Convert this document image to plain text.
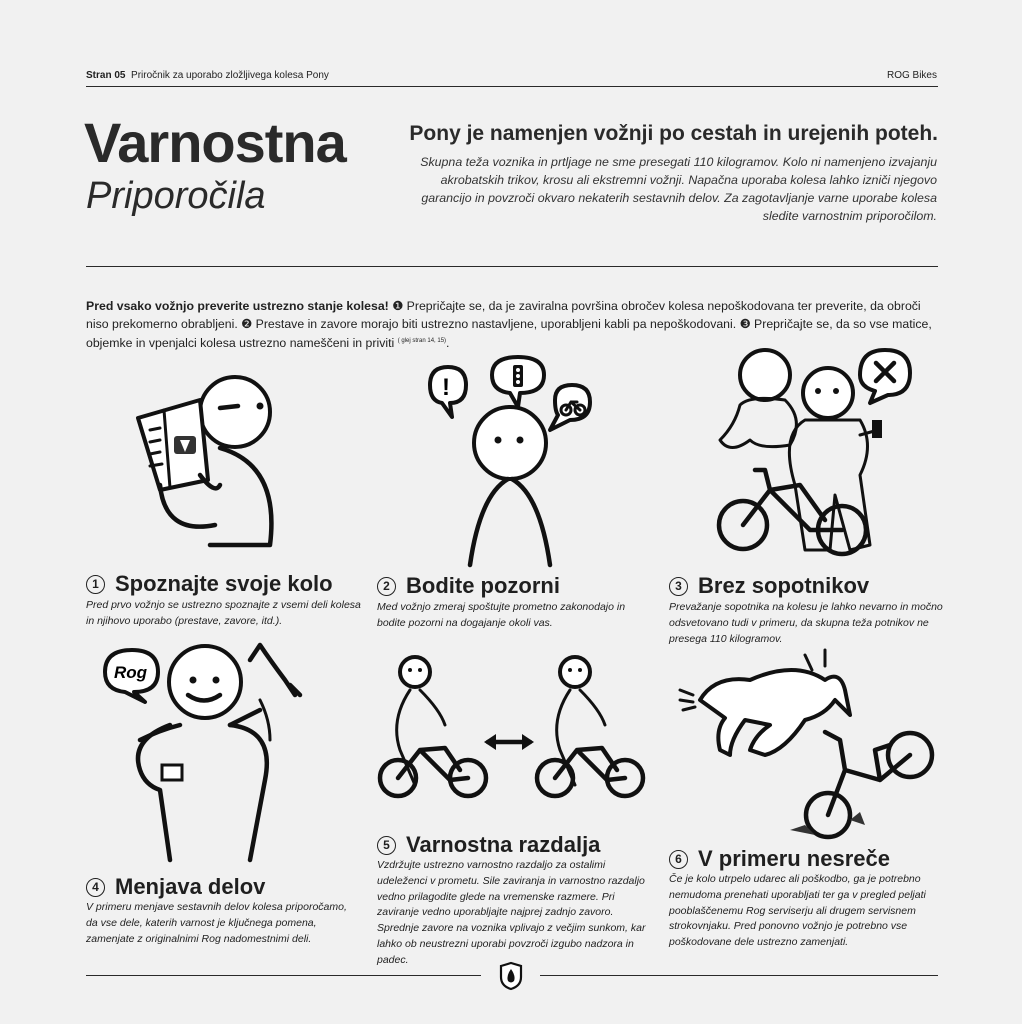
Stran 05 Priročnik za uporabo zložljivega kolesa Pony	ROG Bikes
Varnostna
Priporočila
Pony je namenjen vožnji po cestah in urejenih poteh.
Skupna teža voznika in prtljage ne sme presegati 110 kilogramov. Kolo ni namenjeno izvajanju akrobatskih trikov, krosu ali ekstremni vožnji. Napačna uporaba kolesa lahko izniči njegovo garancijo in povzroči okvaro nekaterih sestavnih delov. Za zagotavljanje varne uporabe kolesa sledite varnostnim priporočilom.
Pred vsako vožnjo preverite ustrezno stanje kolesa! ❶ Prepričajte se, da je zaviralna površina obročev kolesa nepoškodovana ter preverite, da obroči niso prekomerno obrabljeni. ❷ Prestave in zavore morajo biti ustrezno nastavljene, uporabljeni kabli pa nepoškodovani. ❸ Prepričajte se, da so vse matice, objemke in vpenjalci kolesa ustrezno nameščeni in priviti $^{( glej stran 14, 15)}$.
!
Rog
1 Spoznajte svoje kolo
Pred prvo vožnjo se ustrezno spoznajte z vsemi deli kolesa in njihovo uporabo (prestave, zavore, itd.).
2 Bodite pozorni
Med vožnjo zmeraj spoštujte prometno zakonodajo in bodite pozorni na dogajanje okoli vas.
3 Brez sopotnikov
Prevažanje sopotnika na kolesu je lahko nevarno in močno odsvetovano tudi v primeru, da skupna teža potnikov ne presega 110 kilogramov.
4 Menjava delov
V primeru menjave sestavnih delov kolesa priporočamo, da vse dele, katerih varnost je ključnega pomena, zamenjate z originalnimi Rog nadomestnimi deli.
5 Varnostna razdalja
Vzdržujte ustrezno varnostno razdaljo za ostalimi udeleženci v prometu. Sile zaviranja in varnostno razdaljo vedno prilagodite glede na vremenske razmere. Pri zaviranje vedno uporabljajte najprej zadnjo zavoro. Sprednje zavore na voznika vplivajo z večjim sunkom, kar lahko ob neustrezni uporabi povzroči izgubo nadzora in padec.
6 V primeru nesreče
Če je kolo utrpelo udarec ali poškodbo, ga je potrebno nemudoma prenehati uporabljati ter ga v pregled peljati pooblaščenemu Rog serviserju ali drugem servisnem strokovnjaku. Pred ponovno vožnjo je potrebno vse poškodovane dele ustrezno zamenjati.
